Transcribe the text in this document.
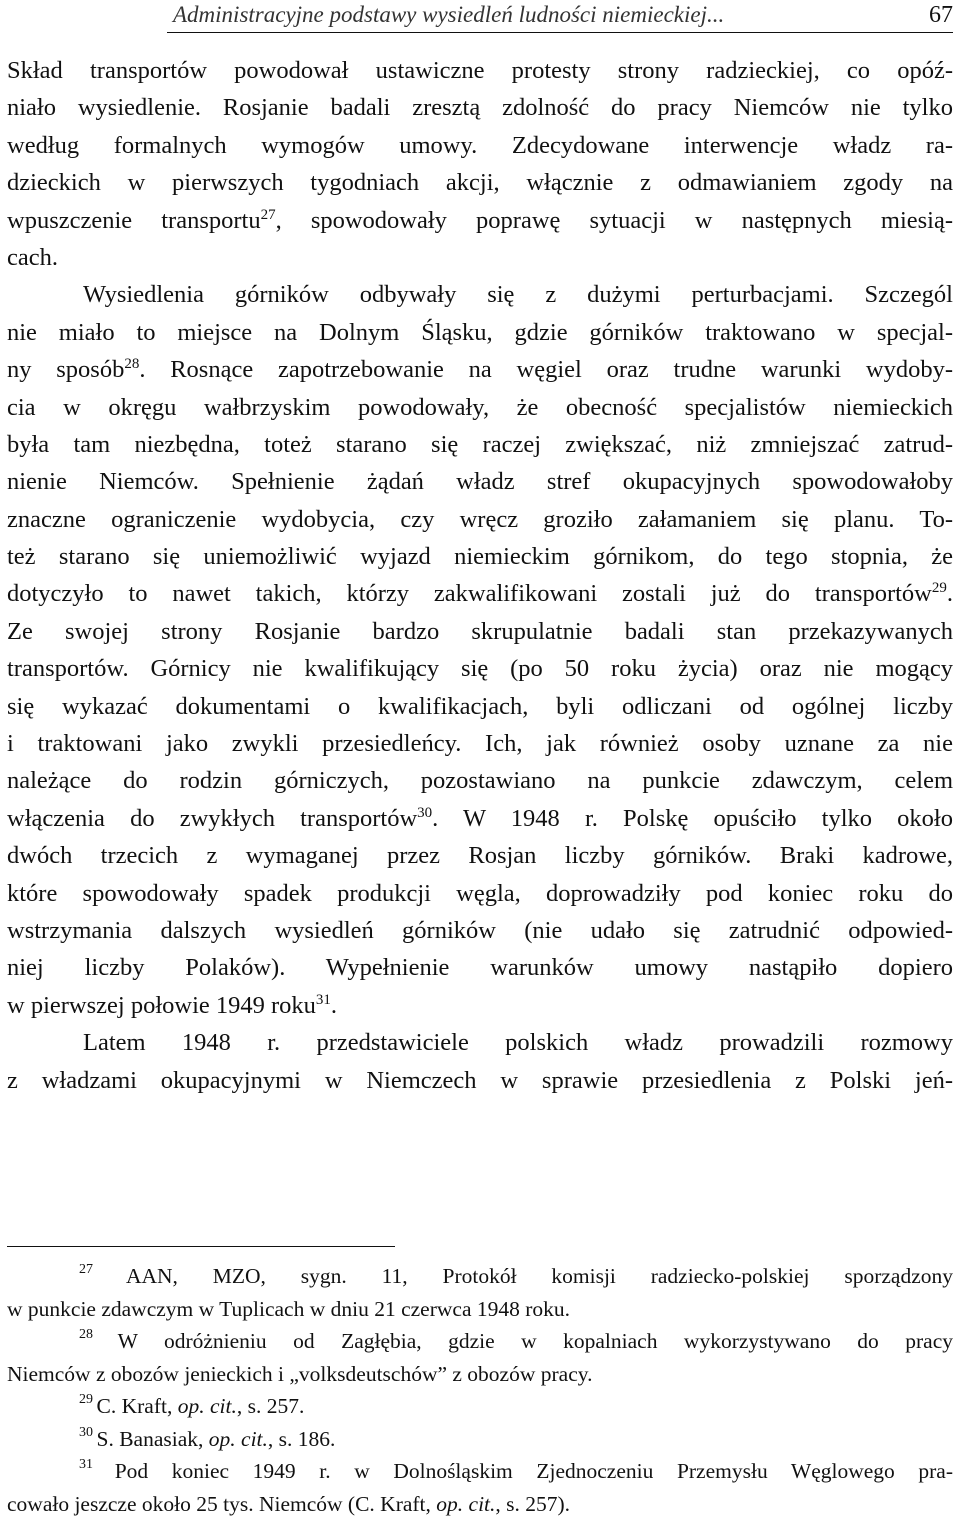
Administracyjne podstawy wysiedleń ludności niemieckiej...	67
Skład transportów powodował ustawiczne protesty strony radzieckiej, co opóź-
niało wysiedlenie. Rosjanie badali zresztą zdolność do pracy Niemców nie tylko
według formalnych wymogów umowy. Zdecydowane interwencje władz ra-
dzieckich w pierwszych tygodniach akcji, włącznie z odmawianiem zgody na
wpuszczenie transportu$^{27}$, spowodowały poprawę sytuacji w następnych miesią-
cach.
Wysiedlenia górników odbywały się z dużymi perturbacjami. Szczegól
nie miało to miejsce na Dolnym Śląsku, gdzie górników traktowano w specjal-
ny sposób$^{28}$. Rosnące zapotrzebowanie na węgiel oraz trudne warunki wydoby-
cia w okręgu wałbrzyskim powodowały, że obecność specjalistów niemieckich
była tam niezbędna, toteż starano się raczej zwiększać, niż zmniejszać zatrud-
nienie Niemców. Spełnienie żądań władz stref okupacyjnych spowodowałoby
znaczne ograniczenie wydobycia, czy wręcz groziło załamaniem się planu. To-
też starano się uniemożliwić wyjazd niemieckim górnikom, do tego stopnia, że
dotyczyło to nawet takich, którzy zakwalifikowani zostali już do transportów$^{29}$.
Ze swojej strony Rosjanie bardzo skrupulatnie badali stan przekazywanych
transportów. Górnicy nie kwalifikujący się (po 50 roku życia) oraz nie mogący
się wykazać dokumentami o kwalifikacjach, byli odliczani od ogólnej liczby
i traktowani jako zwykli przesiedleńcy. Ich, jak również osoby uznane za nie
należące do rodzin górniczych, pozostawiano na punkcie zdawczym, celem
włączenia do zwykłych transportów$^{30}$. W 1948 r. Polskę opuściło tylko około
dwóch trzecich z wymaganej przez Rosjan liczby górników. Braki kadrowe,
które spowodowały spadek produkcji węgla, doprowadziły pod koniec roku do
wstrzymania dalszych wysiedleń górników (nie udało się zatrudnić odpowied-
niej liczby Polaków). Wypełnienie warunków umowy nastąpiło dopiero
w pierwszej połowie 1949 roku$^{31}$.
Latem 1948 r. przedstawiciele polskich władz prowadzili rozmowy
z władzami okupacyjnymi w Niemczech w sprawie przesiedlenia z Polski jeń-
$^{27}$ AAN, MZO, sygn. 11, Protokół komisji radziecko-polskiej sporządzony
w punkcie zdawczym w Tuplicach w dniu 21 czerwca 1948 roku.
$^{28}$ W odróżnieniu od Zagłębia, gdzie w kopalniach wykorzystywano do pracy
Niemców z obozów jenieckich i „volksdeutschów” z obozów pracy.
$^{29}$ C. Kraft, op. cit., s. 257.
$^{30}$ S. Banasiak, op. cit., s. 186.
$^{31}$ Pod koniec 1949 r. w Dolnośląskim Zjednoczeniu Przemysłu Węglowego pra-
cowało jeszcze około 25 tys. Niemców (C. Kraft, op. cit., s. 257).
